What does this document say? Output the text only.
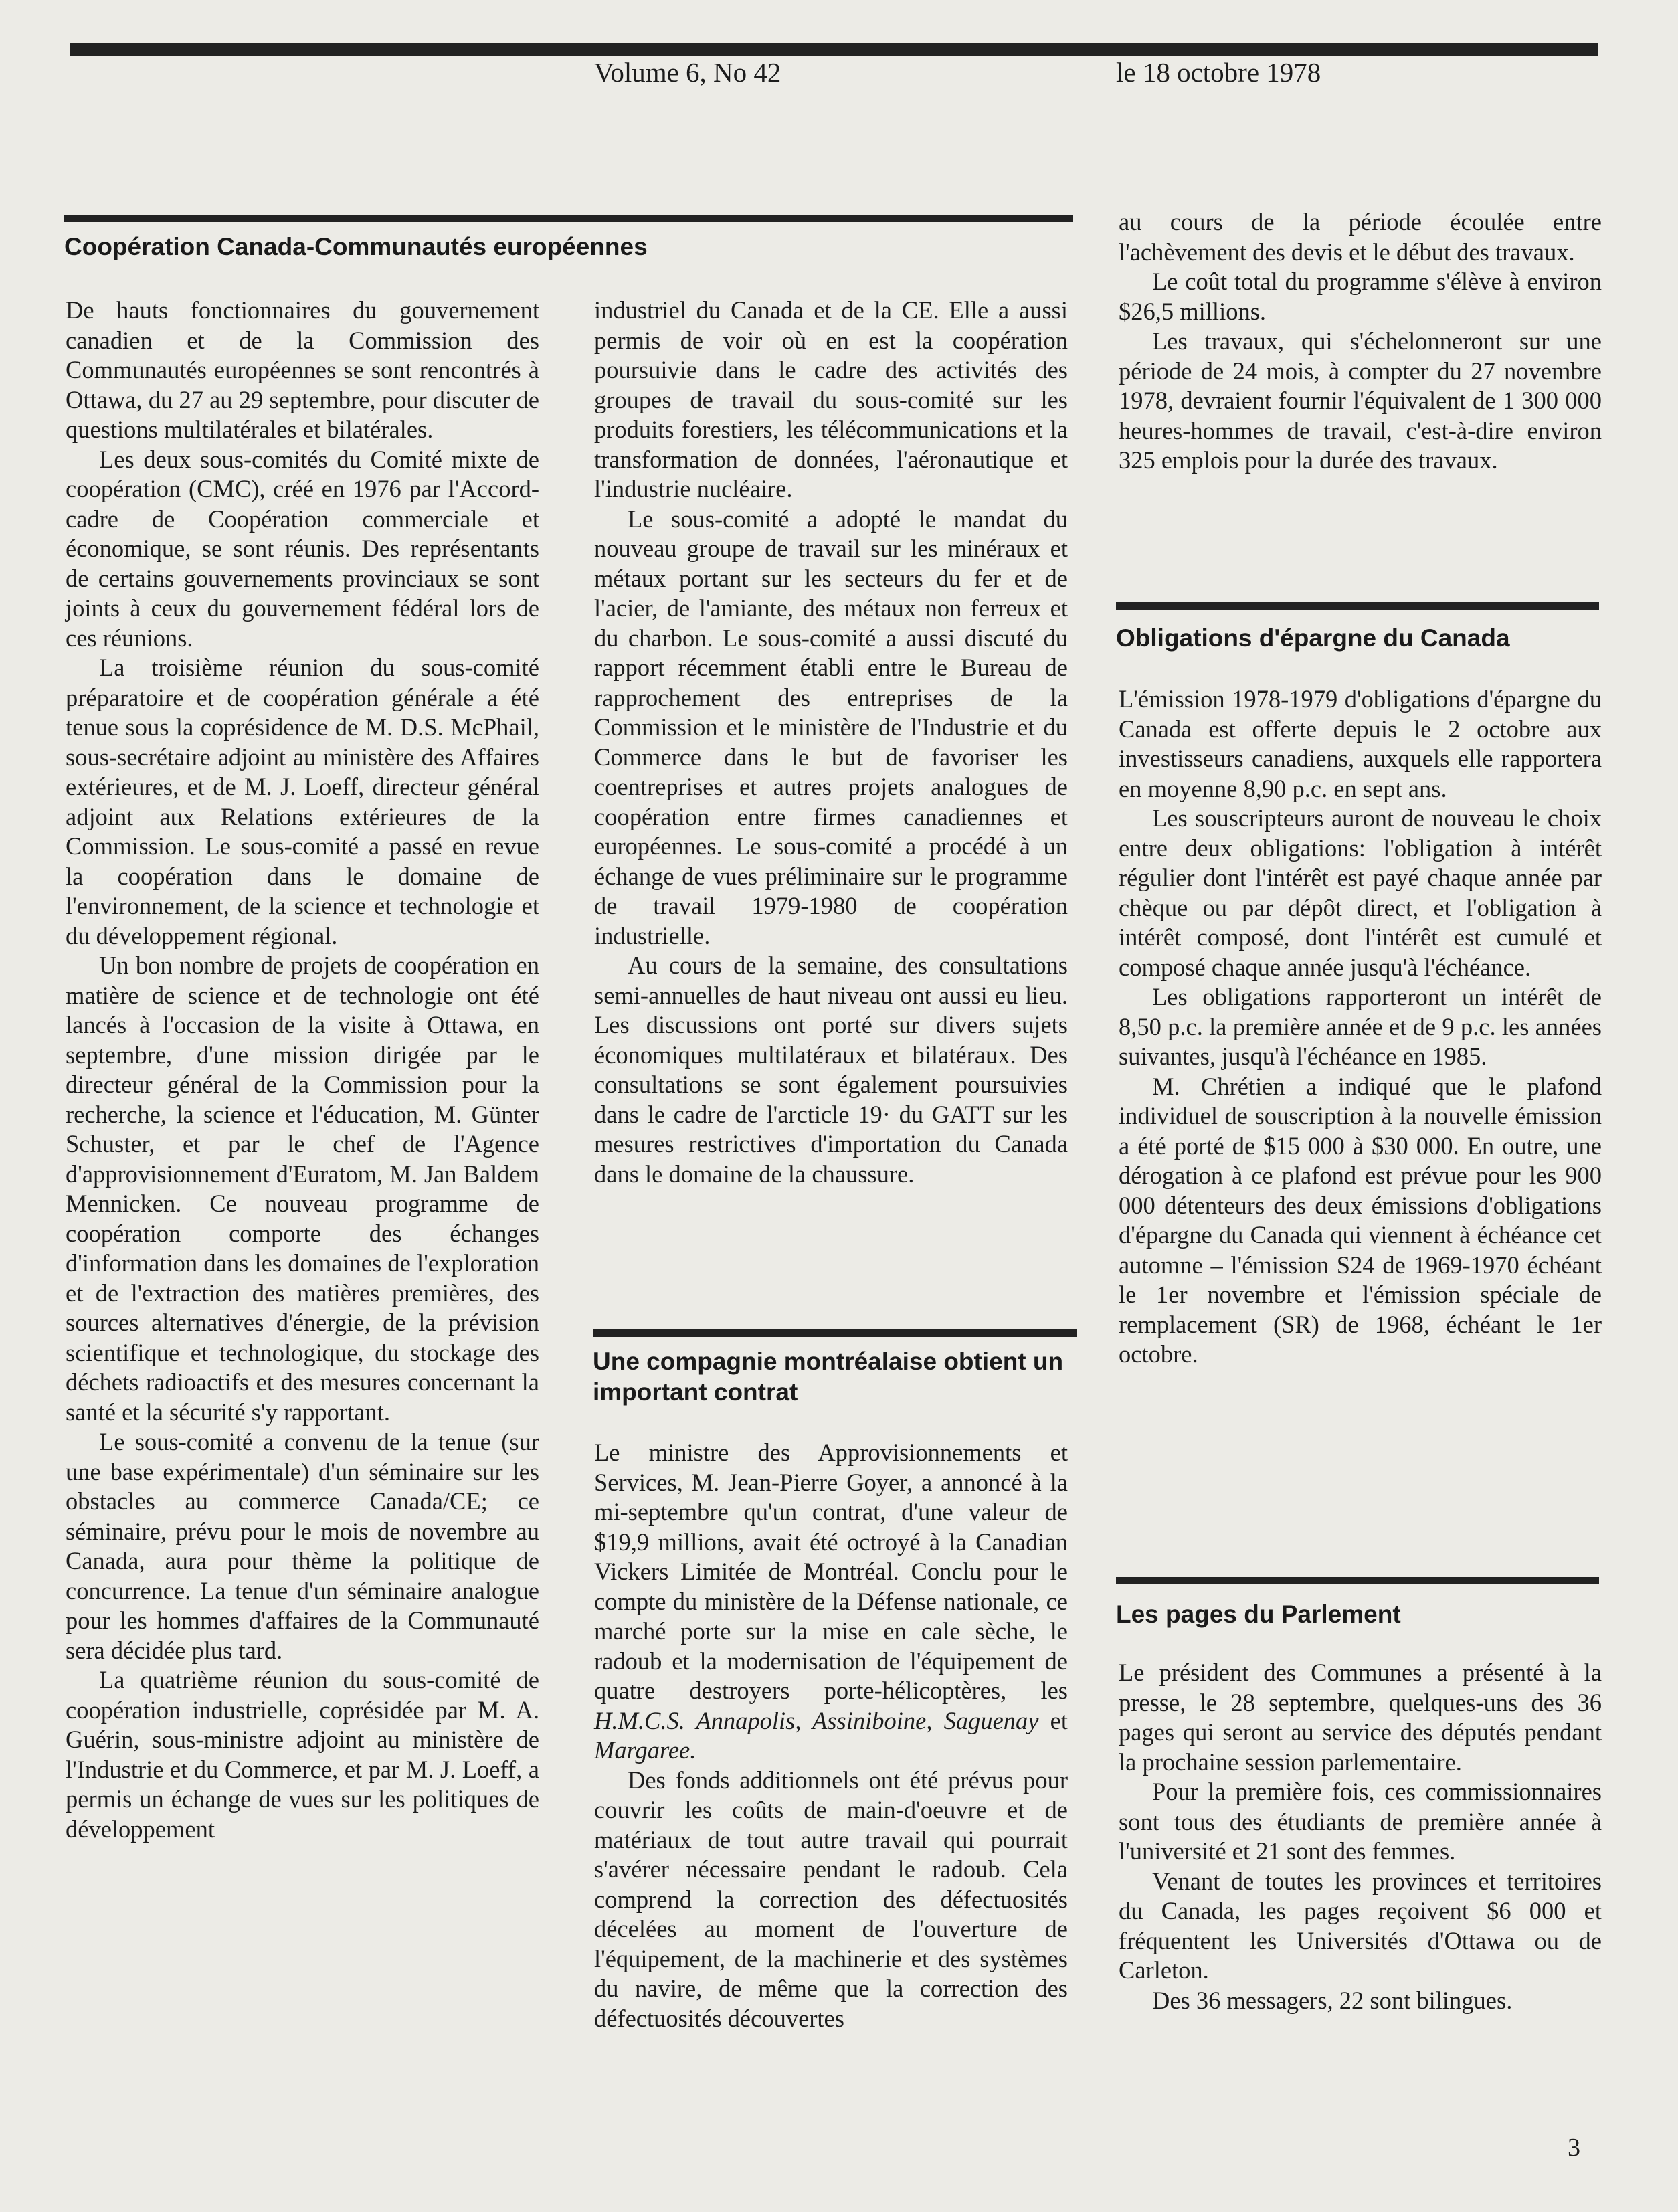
Volume 6, No 42	le 18 octobre 1978
Coopération Canada-Communautés européennes

De hauts fonctionnaires du gouvernement canadien et de la Commission des Communautés européennes se sont rencontrés à Ottawa, du 27 au 29 septembre, pour discuter de questions multilatérales et bilatérales.

Les deux sous-comités du Comité mixte de coopération (CMC), créé en 1976 par l'Accord-cadre de Coopération commerciale et économique, se sont réunis. Des représentants de certains gouvernements provinciaux se sont joints à ceux du gouvernement fédéral lors de ces réunions.

La troisième réunion du sous-comité préparatoire et de coopération générale a été tenue sous la coprésidence de M. D.S. McPhail, sous-secrétaire adjoint au ministère des Affaires extérieures, et de M. J. Loeff, directeur général adjoint aux Relations extérieures de la Commission. Le sous-comité a passé en revue la coopération dans le domaine de l'environnement, de la science et technologie et du développement régional.

Un bon nombre de projets de coopération en matière de science et de technologie ont été lancés à l'occasion de la visite à Ottawa, en septembre, d'une mission dirigée par le directeur général de la Commission pour la recherche, la science et l'éducation, M. Günter Schuster, et par le chef de l'Agence d'approvisionnement d'Euratom, M. Jan Baldem Mennicken. Ce nouveau programme de coopération comporte des échanges d'information dans les domaines de l'exploration et de l'extraction des matières premières, des sources alternatives d'énergie, de la prévision scientifique et technologique, du stockage des déchets radioactifs et des mesures concernant la santé et la sécurité s'y rapportant.

Le sous-comité a convenu de la tenue (sur une base expérimentale) d'un séminaire sur les obstacles au commerce Canada/CE; ce séminaire, prévu pour le mois de novembre au Canada, aura pour thème la politique de concurrence. La tenue d'un séminaire analogue pour les hommes d'affaires de la Communauté sera décidée plus tard.

La quatrième réunion du sous-comité de coopération industrielle, coprésidée par M. A. Guérin, sous-ministre adjoint au ministère de l'Industrie et du Commerce, et par M. J. Loeff, a permis un échange de vues sur les politiques de développement

industriel du Canada et de la CE. Elle a aussi permis de voir où en est la coopération poursuivie dans le cadre des activités des groupes de travail du sous-comité sur les produits forestiers, les télécommunications et la transformation de données, l'aéronautique et l'industrie nucléaire.

Le sous-comité a adopté le mandat du nouveau groupe de travail sur les minéraux et métaux portant sur les secteurs du fer et de l'acier, de l'amiante, des métaux non ferreux et du charbon. Le sous-comité a aussi discuté du rapport récemment établi entre le Bureau de rapprochement des entreprises de la Commission et le ministère de l'Industrie et du Commerce dans le but de favoriser les coentreprises et autres projets analogues de coopération entre firmes canadiennes et européennes. Le sous-comité a procédé à un échange de vues préliminaire sur le programme de travail 1979-1980 de coopération industrielle.

Au cours de la semaine, des consultations semi-annuelles de haut niveau ont aussi eu lieu. Les discussions ont porté sur divers sujets économiques multilatéraux et bilatéraux. Des consultations se sont également poursuivies dans le cadre de l'arcticle 19· du GATT sur les mesures restrictives d'importation du Canada dans le domaine de la chaussure.

Une compagnie montréalaise obtient un important contrat

Le ministre des Approvisionnements et Services, M. Jean-Pierre Goyer, a annoncé à la mi-septembre qu'un contrat, d'une valeur de $19,9 millions, avait été octroyé à la Canadian Vickers Limitée de Montréal. Conclu pour le compte du ministère de la Défense nationale, ce marché porte sur la mise en cale sèche, le radoub et la modernisation de l'équipement de quatre destroyers porte-hélicoptères, les H.M.C.S. Annapolis, Assiniboine, Saguenay et Margaree.

Des fonds additionnels ont été prévus pour couvrir les coûts de main-d'oeuvre et de matériaux de tout autre travail qui pourrait s'avérer nécessaire pendant le radoub. Cela comprend la correction des défectuosités décelées au moment de l'ouverture de l'équipement, de la machinerie et des systèmes du navire, de même que la correction des défectuosités découvertes

au cours de la période écoulée entre l'achèvement des devis et le début des travaux.

Le coût total du programme s'élève à environ $26,5 millions.

Les travaux, qui s'échelonneront sur une période de 24 mois, à compter du 27 novembre 1978, devraient fournir l'équivalent de 1 300 000 heures-hommes de travail, c'est-à-dire environ 325 emplois pour la durée des travaux.

Obligations d'épargne du Canada

L'émission 1978-1979 d'obligations d'épargne du Canada est offerte depuis le 2 octobre aux investisseurs canadiens, auxquels elle rapportera en moyenne 8,90 p.c. en sept ans.

Les souscripteurs auront de nouveau le choix entre deux obligations: l'obligation à intérêt régulier dont l'intérêt est payé chaque année par chèque ou par dépôt direct, et l'obligation à intérêt composé, dont l'intérêt est cumulé et composé chaque année jusqu'à l'échéance.

Les obligations rapporteront un intérêt de 8,50 p.c. la première année et de 9 p.c. les années suivantes, jusqu'à l'échéance en 1985.

M. Chrétien a indiqué que le plafond individuel de souscription à la nouvelle émission a été porté de $15 000 à $30 000. En outre, une dérogation à ce plafond est prévue pour les 900 000 détenteurs des deux émissions d'obligations d'épargne du Canada qui viennent à échéance cet automne – l'émission S24 de 1969-1970 échéant le 1er novembre et l'émission spéciale de remplacement (SR) de 1968, échéant le 1er octobre.

Les pages du Parlement

Le président des Communes a présenté à la presse, le 28 septembre, quelques-uns des 36 pages qui seront au service des députés pendant la prochaine session parlementaire.

Pour la première fois, ces commissionnaires sont tous des étudiants de première année à l'université et 21 sont des femmes.

Venant de toutes les provinces et territoires du Canada, les pages reçoivent $6 000 et fréquentent les Universités d'Ottawa ou de Carleton.

Des 36 messagers, 22 sont bilingues.

3
